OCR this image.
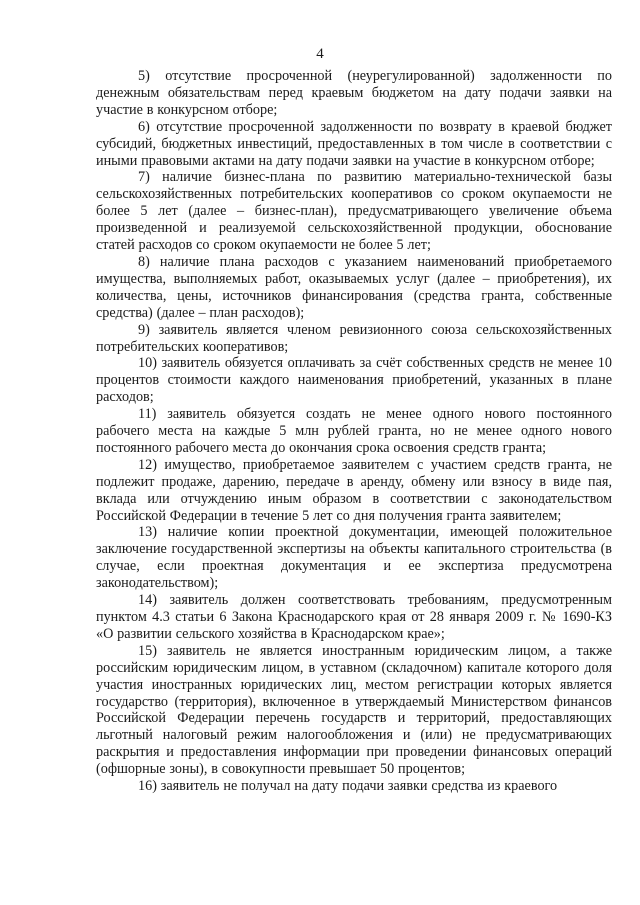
4

5) отсутствие просроченной (неурегулированной) задолженности по денежным обязательствам перед краевым бюджетом на дату подачи заявки на участие в конкурсном отборе;

6) отсутствие просроченной задолженности по возврату в краевой бюджет субсидий, бюджетных инвестиций, предоставленных в том числе в соответствии с иными правовыми актами на дату подачи заявки на участие в конкурсном отборе;

7) наличие бизнес-плана по развитию материально-технической базы сельскохозяйственных потребительских кооперативов со сроком окупаемости не более 5 лет (далее – бизнес-план), предусматривающего увеличение объема произведенной и реализуемой сельскохозяйственной продукции, обоснование статей расходов со сроком окупаемости не более 5 лет;

8) наличие плана расходов с указанием наименований приобретаемого имущества, выполняемых работ, оказываемых услуг (далее – приобретения), их количества, цены, источников финансирования (средства гранта, собственные средства) (далее – план расходов);

9) заявитель является членом ревизионного союза сельскохозяйственных потребительских кооперативов;

10) заявитель обязуется оплачивать за счёт собственных средств не менее 10 процентов стоимости каждого наименования приобретений, указанных в плане расходов;

11) заявитель обязуется создать не менее одного нового постоянного рабочего места на каждые 5 млн рублей гранта, но не менее одного нового постоянного рабочего места до окончания срока освоения средств гранта;

12) имущество, приобретаемое заявителем с участием средств гранта, не подлежит продаже, дарению, передаче в аренду, обмену или взносу в виде пая, вклада или отчуждению иным образом в соответствии с законодательством Российской Федерации в течение 5 лет со дня получения гранта заявителем;

13) наличие копии проектной документации, имеющей положительное заключение государственной экспертизы на объекты капитального строительства (в случае, если проектная документация и ее экспертиза предусмотрена законодательством);

14) заявитель должен соответствовать требованиям, предусмотренным пунктом 4.3 статьи 6 Закона Краснодарского края от 28 января 2009 г. № 1690-КЗ «О развитии сельского хозяйства в Краснодарском крае»;

15) заявитель не является иностранным юридическим лицом, а также российским юридическим лицом, в уставном (складочном) капитале которого доля участия иностранных юридических лиц, местом регистрации которых является государство (территория), включенное в утверждаемый Министерством финансов Российской Федерации перечень государств и территорий, предоставляющих льготный налоговый режим налогообложения и (или) не предусматривающих раскрытия и предоставления информации при проведении финансовых операций (офшорные зоны), в совокупности превышает 50 процентов;

16) заявитель не получал на дату подачи заявки средства из краевого
